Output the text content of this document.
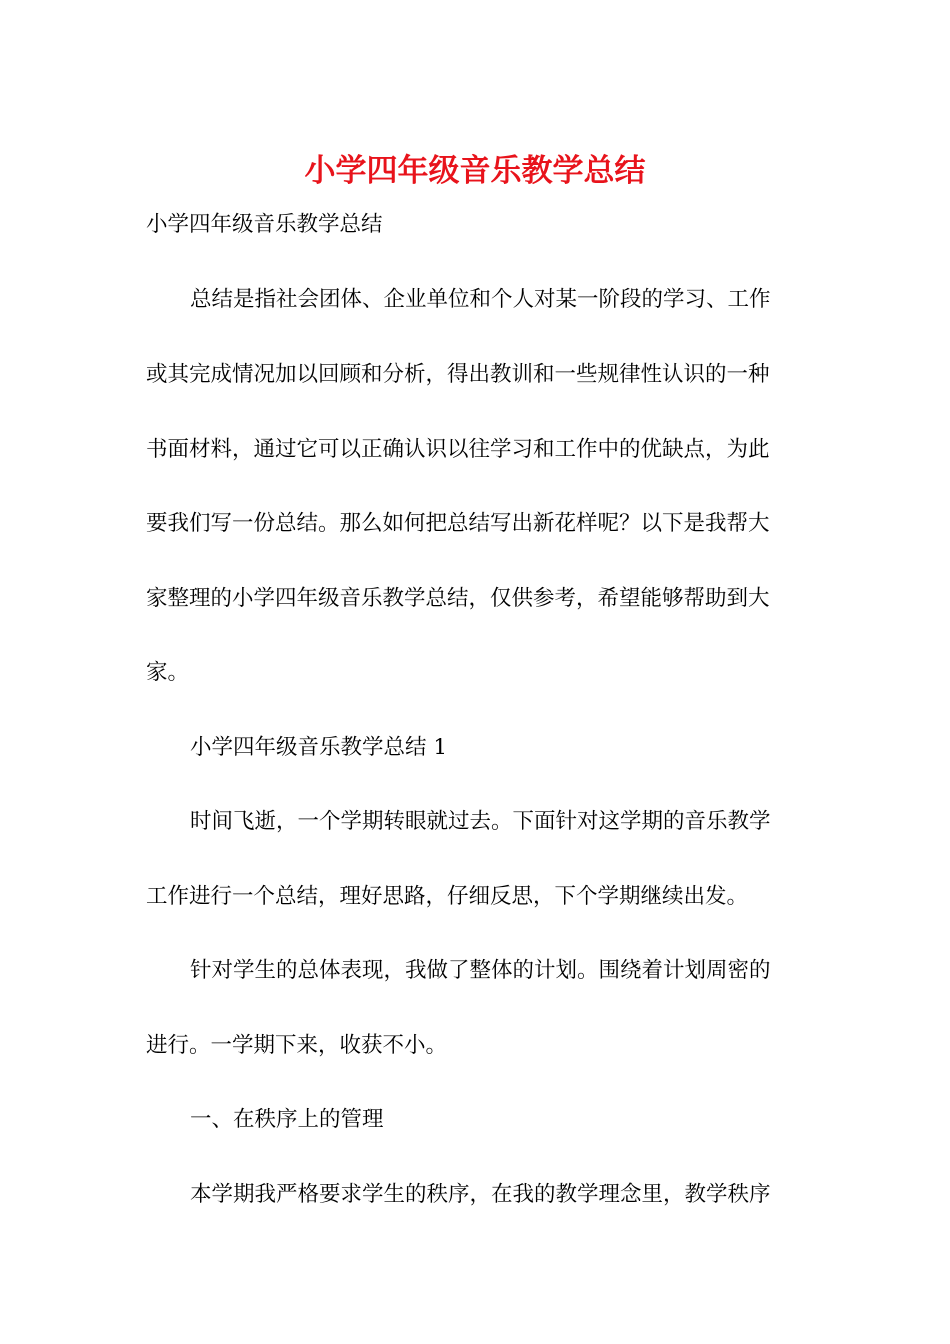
小学四年级音乐教学总结
小学四年级音乐教学总结
总结是指社会团体、企业单位和个人对某一阶段的学习、工作
或其完成情况加以回顾和分析，得出教训和一些规律性认识的一种
书面材料，通过它可以正确认识以往学习和工作中的优缺点，为此
要我们写一份总结。那么如何把总结写出新花样呢？以下是我帮大
家整理的小学四年级音乐教学总结，仅供参考，希望能够帮助到大
家。
小学四年级音乐教学总结 1
时间飞逝，一个学期转眼就过去。下面针对这学期的音乐教学
工作进行一个总结，理好思路，仔细反思，下个学期继续出发。
针对学生的总体表现，我做了整体的计划。围绕着计划周密的
进行。一学期下来，收获不小。
一、在秩序上的管理
本学期我严格要求学生的秩序，在我的教学理念里，教学秩序
